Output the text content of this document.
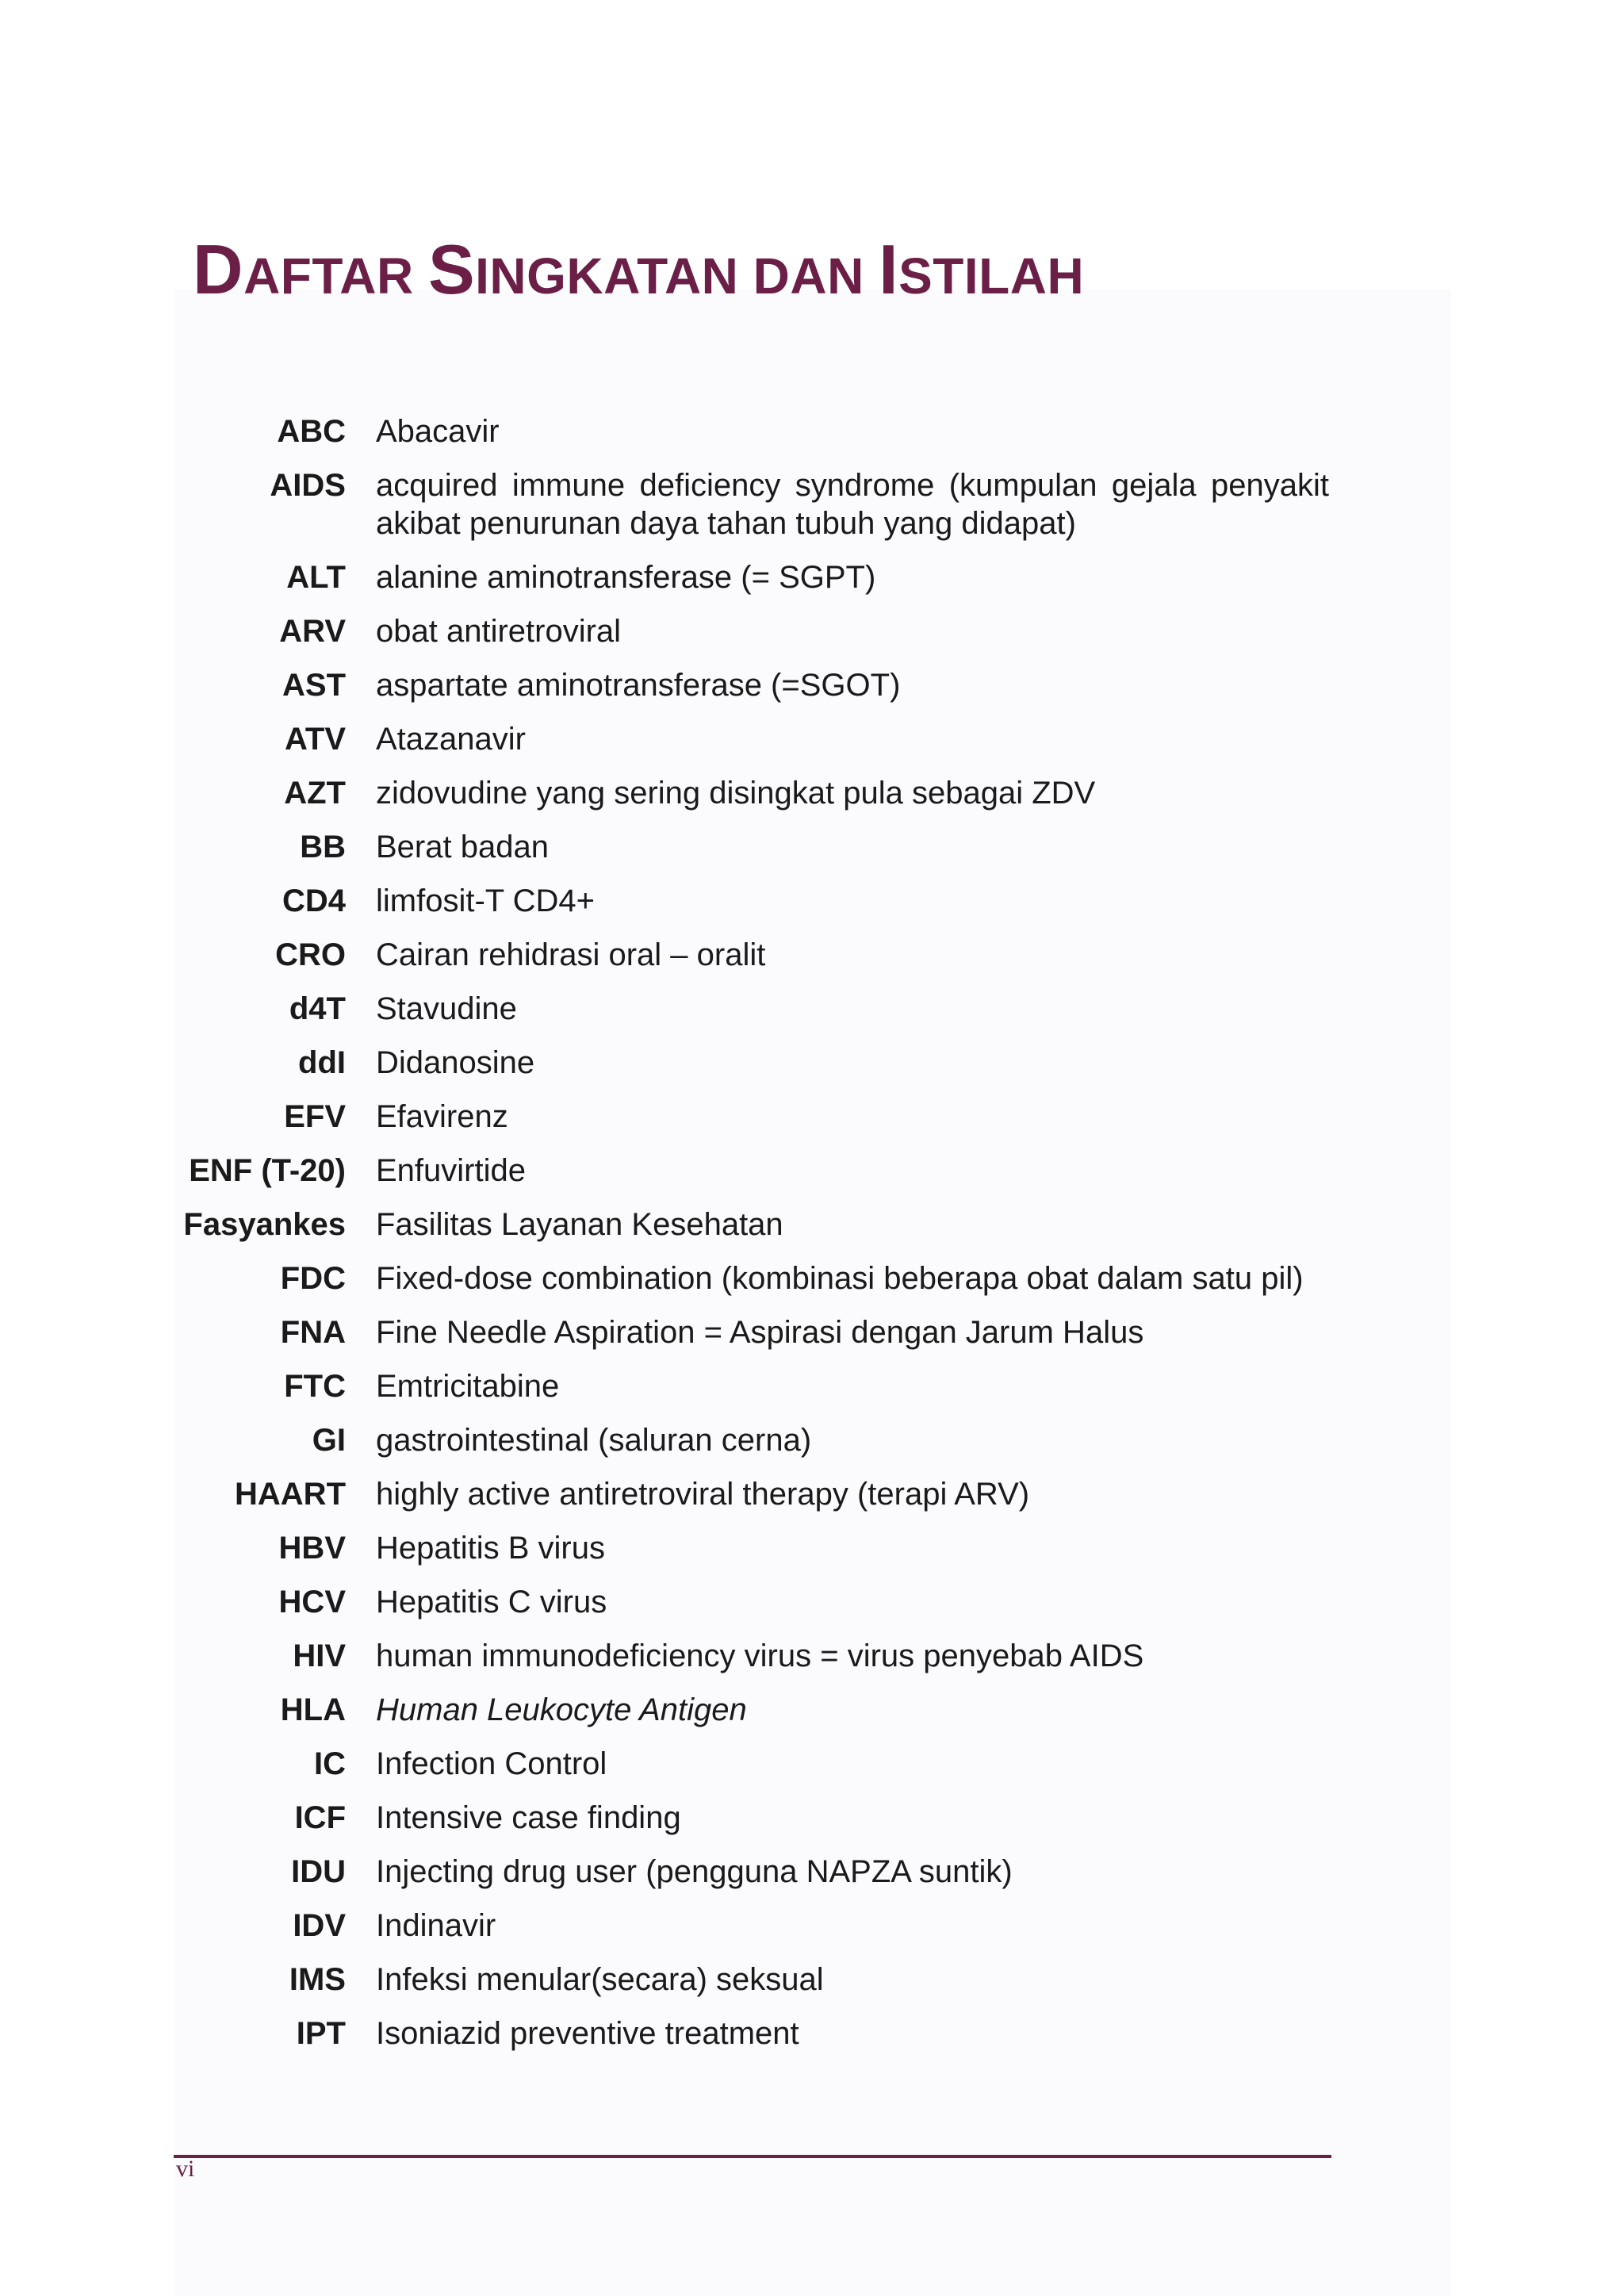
DAFTAR SINGKATAN DAN ISTILAH
ABC Abacavir
AIDS acquired immune deficiency syndrome (kumpulan gejala penyakit akibat penurunan daya tahan tubuh yang didapat)
ALT alanine aminotransferase (= SGPT)
ARV obat antiretroviral
AST aspartate aminotransferase (=SGOT)
ATV Atazanavir
AZT zidovudine yang sering disingkat pula sebagai ZDV
BB Berat badan
CD4 limfosit-T CD4+
CRO Cairan rehidrasi oral – oralit
d4T Stavudine
ddI Didanosine
EFV Efavirenz
ENF (T-20) Enfuvirtide
Fasyankes Fasilitas Layanan Kesehatan
FDC Fixed-dose combination (kombinasi beberapa obat dalam satu pil)
FNA Fine Needle Aspiration = Aspirasi dengan Jarum Halus
FTC Emtricitabine
GI gastrointestinal (saluran cerna)
HAART highly active antiretroviral therapy (terapi ARV)
HBV Hepatitis B virus
HCV Hepatitis C virus
HIV human immunodeficiency virus = virus penyebab AIDS
HLA Human Leukocyte Antigen
IC Infection Control
ICF Intensive case finding
IDU Injecting drug user (pengguna NAPZA suntik)
IDV Indinavir
IMS Infeksi menular(secara) seksual
IPT Isoniazid preventive treatment
vi
